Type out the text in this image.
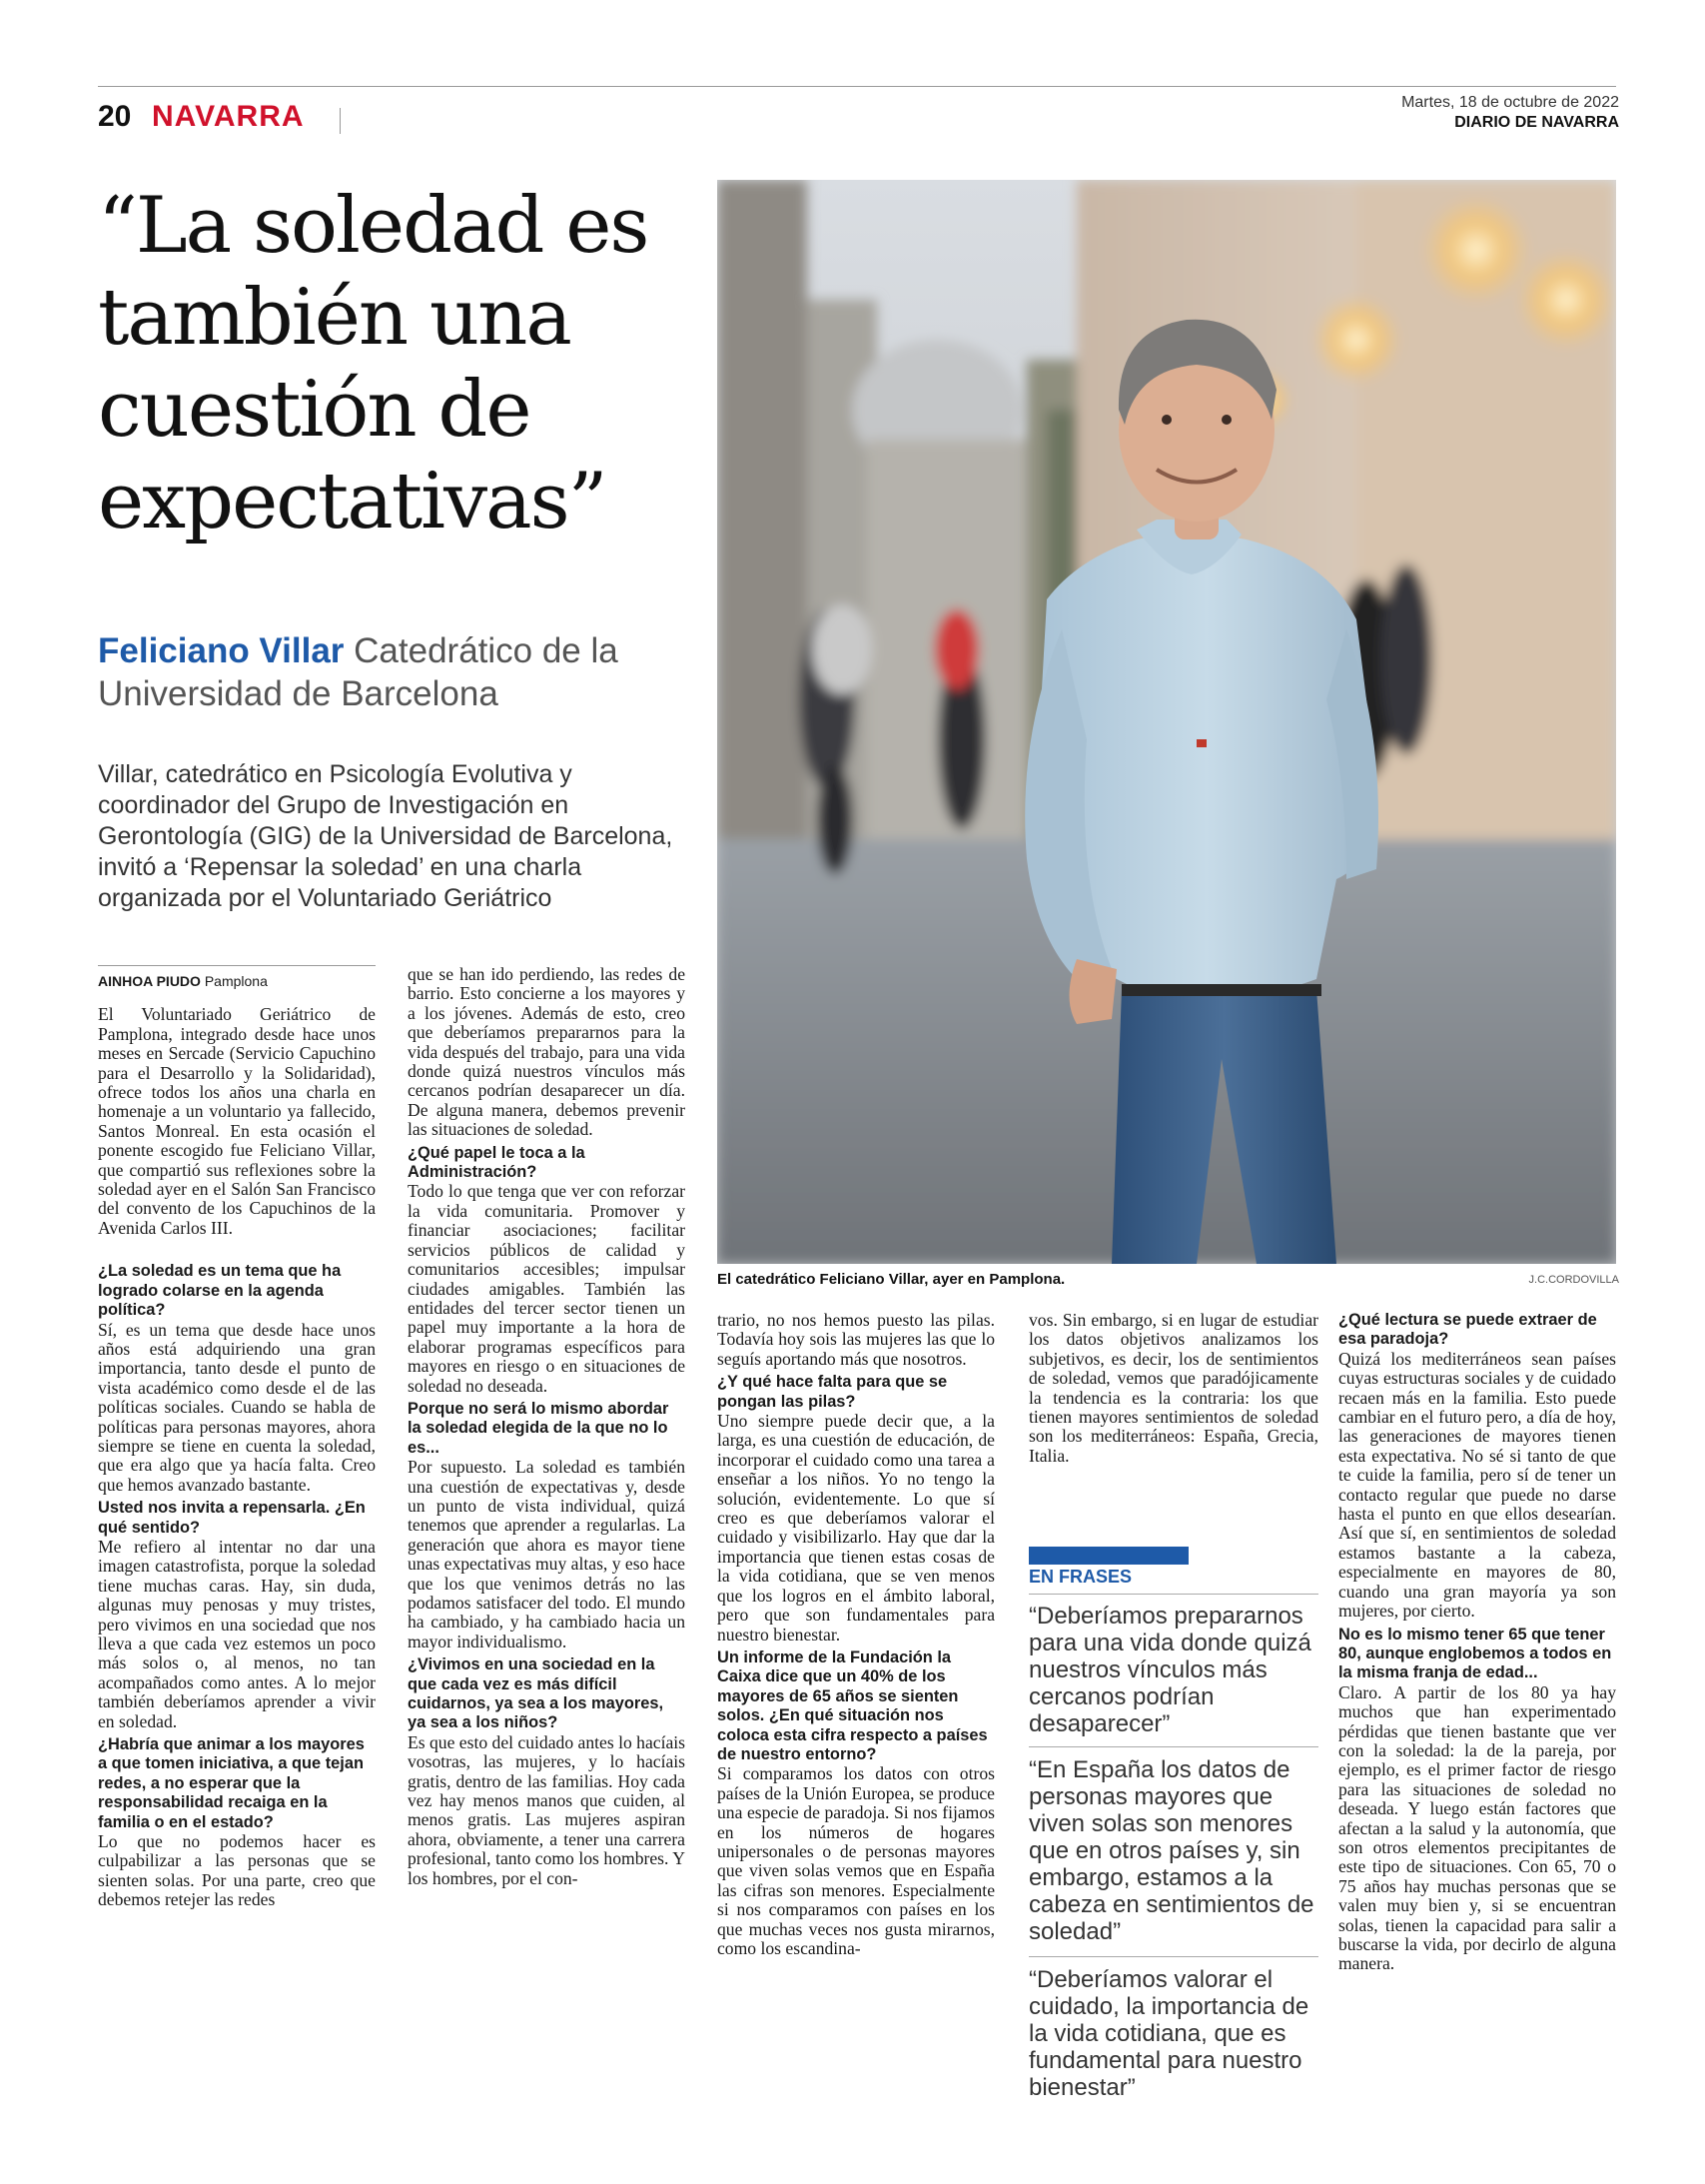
20 NAVARRA	Martes, 18 de octubre de 2022
DIARIO DE NAVARRA
“La soledad es también una cuestión de expectativas”

Feliciano Villar Catedrático de la Universidad de Barcelona

Villar, catedrático en Psicología Evolutiva y coordinador del Grupo de Investigación en Gerontología (GIG) de la Universidad de Barcelona, invitó a ‘Repensar la soledad’ en una charla organizada por el Voluntariado Geriátrico

El catedrático Feliciano Villar, ayer en Pamplona.	J.C.CORDOVILLA

AINHOA PIUDO Pamplona

El Voluntariado Geriátrico de Pamplona, integrado desde hace unos meses en Sercade (Servicio Capuchino para el Desarrollo y la Solidaridad), ofrece todos los años una charla en homenaje a un voluntario ya fallecido, Santos Monreal. En esta ocasión el ponente escogido fue Feliciano Villar, que compartió sus reflexiones sobre la soledad ayer en el Salón San Francisco del convento de los Capuchinos de la Avenida Carlos III.

¿La soledad es un tema que ha logrado colarse en la agenda política?

Sí, es un tema que desde hace unos años está adquiriendo una gran importancia, tanto desde el punto de vista académico como desde el de las políticas sociales. Cuando se habla de políticas para personas mayores, ahora siempre se tiene en cuenta la soledad, que era algo que ya hacía falta. Creo que hemos avanzado bastante.

Usted nos invita a repensarla. ¿En qué sentido?

Me refiero al intentar no dar una imagen catastrofista, porque la soledad tiene muchas caras. Hay, sin duda, algunas muy penosas y muy tristes, pero vivimos en una sociedad que nos lleva a que cada vez estemos un poco más solos o, al menos, no tan acompañados como antes. A lo mejor también deberíamos aprender a vivir en soledad.

¿Habría que animar a los mayores a que tomen iniciativa, a que tejan redes, a no esperar que la responsabilidad recaiga en la familia o en el estado?

Lo que no podemos hacer es culpabilizar a las personas que se sienten solas. Por una parte, creo que debemos retejer las redes

que se han ido perdiendo, las redes de barrio. Esto concierne a los mayores y a los jóvenes. Además de esto, creo que deberíamos prepararnos para la vida después del trabajo, para una vida donde quizá nuestros vínculos más cercanos podrían desaparecer un día. De alguna manera, debemos prevenir las situaciones de soledad.

¿Qué papel le toca a la Administración?

Todo lo que tenga que ver con reforzar la vida comunitaria. Promover y financiar asociaciones; facilitar servicios públicos de calidad y comunitarios accesibles; impulsar ciudades amigables. También las entidades del tercer sector tienen un papel muy importante a la hora de elaborar programas específicos para mayores en riesgo o en situaciones de soledad no deseada.

Porque no será lo mismo abordar la soledad elegida de la que no lo es...

Por supuesto. La soledad es también una cuestión de expectativas y, desde un punto de vista individual, quizá tenemos que aprender a regularlas. La generación que ahora es mayor tiene unas expectativas muy altas, y eso hace que los que venimos detrás no las podamos satisfacer del todo. El mundo ha cambiado, y ha cambiado hacia un mayor individualismo.

¿Vivimos en una sociedad en la que cada vez es más difícil cuidarnos, ya sea a los mayores, ya sea a los niños?

Es que esto del cuidado antes lo hacíais vosotras, las mujeres, y lo hacíais gratis, dentro de las familias. Hoy cada vez hay menos manos que cuiden, al menos gratis. Las mujeres aspiran ahora, obviamente, a tener una carrera profesional, tanto como los hombres. Y los hombres, por el con-

trario, no nos hemos puesto las pilas. Todavía hoy sois las mujeres las que lo seguís aportando más que nosotros.

¿Y qué hace falta para que se pongan las pilas?

Uno siempre puede decir que, a la larga, es una cuestión de educación, de incorporar el cuidado como una tarea a enseñar a los niños. Yo no tengo la solución, evidentemente. Lo que sí creo es que deberíamos valorar el cuidado y visibilizarlo. Hay que dar la importancia que tienen estas cosas de la vida cotidiana, que se ven menos que los logros en el ámbito laboral, pero que son fundamentales para nuestro bienestar.

Un informe de la Fundación la Caixa dice que un 40% de los mayores de 65 años se sienten solos. ¿En qué situación nos coloca esta cifra respecto a países de nuestro entorno?

Si comparamos los datos con otros países de la Unión Europea, se produce una especie de paradoja. Si nos fijamos en los números de hogares unipersonales o de personas mayores que viven solas vemos que en España las cifras son menores. Especialmente si nos comparamos con países en los que muchas veces nos gusta mirarnos, como los escandina-

vos. Sin embargo, si en lugar de estudiar los datos objetivos analizamos los subjetivos, es decir, los de sentimientos de soledad, vemos que paradójicamente la tendencia es la contraria: los que tienen mayores sentimientos de soledad son los mediterráneos: España, Grecia, Italia.

EN FRASES

“Deberíamos prepararnos para una vida donde quizá nuestros vínculos más cercanos podrían desaparecer”

“En España los datos de personas mayores que viven solas son menores que en otros países y, sin embargo, estamos a la cabeza en sentimientos de soledad”

“Deberíamos valorar el cuidado, la importancia de la vida cotidiana, que es fundamental para nuestro bienestar”

¿Qué lectura se puede extraer de esa paradoja?

Quizá los mediterráneos sean países cuyas estructuras sociales y de cuidado recaen más en la familia. Esto puede cambiar en el futuro pero, a día de hoy, las generaciones de mayores tienen esta expectativa. No sé si tanto de que te cuide la familia, pero sí de tener un contacto regular que puede no darse hasta el punto en que ellos desearían. Así que sí, en sentimientos de soledad estamos bastante a la cabeza, especialmente en mayores de 80, cuando una gran mayoría ya son mujeres, por cierto.

No es lo mismo tener 65 que tener 80, aunque englobemos a todos en la misma franja de edad...

Claro. A partir de los 80 ya hay muchos que han experimentado pérdidas que tienen bastante que ver con la soledad: la de la pareja, por ejemplo, es el primer factor de riesgo para las situaciones de soledad no deseada. Y luego están factores que afectan a la salud y la autonomía, que son otros elementos precipitantes de este tipo de situaciones. Con 65, 70 o 75 años hay muchas personas que se valen muy bien y, si se encuentran solas, tienen la capacidad para salir a buscarse la vida, por decirlo de alguna manera.
